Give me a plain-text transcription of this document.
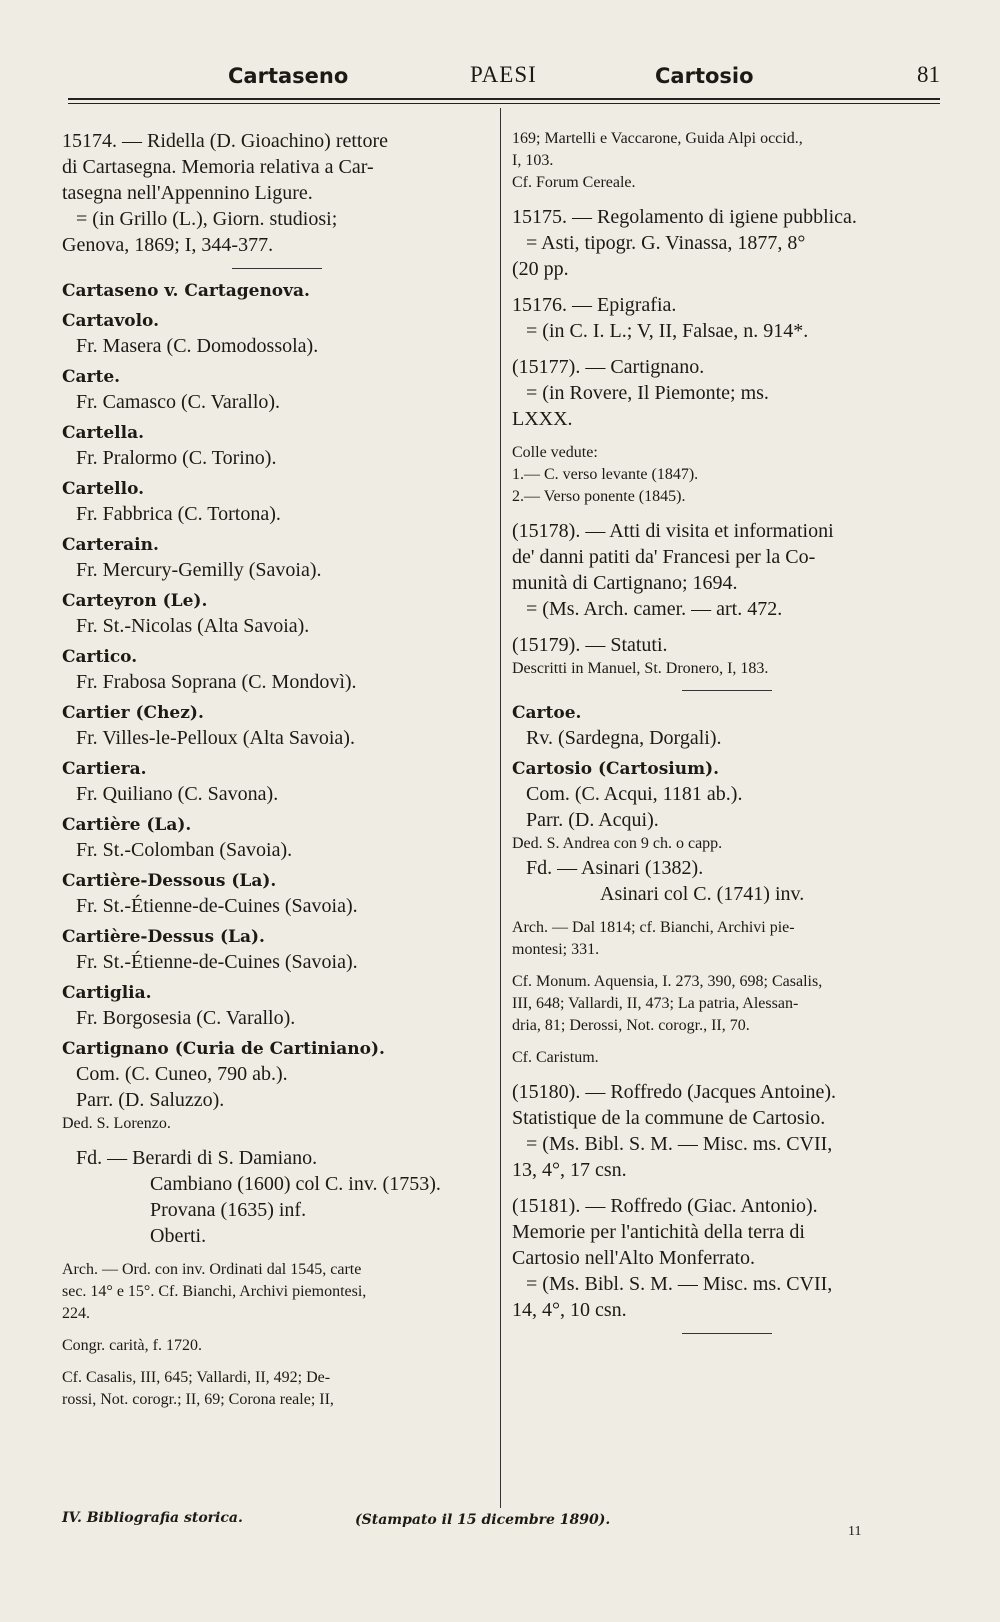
Cartaseno	PAESI	Cartosio	81
15174. — Ridella (D. Gioachino) rettore
di Cartasegna. Memoria relativa a Car-
tasegna nell'Appennino Ligure.
= (in Grillo (L.), Giorn. studiosi;
Genova, 1869; I, 344-377.
Cartaseno v. Cartagenova.
Cartavolo.
Fr. Masera (C. Domodossola).
Carte.
Fr. Camasco (C. Varallo).
Cartella.
Fr. Pralormo (C. Torino).
Cartello.
Fr. Fabbrica (C. Tortona).
Carterain.
Fr. Mercury-Gemilly (Savoia).
Carteyron (Le).
Fr. St.-Nicolas (Alta Savoia).
Cartico.
Fr. Frabosa Soprana (C. Mondovì).
Cartier (Chez).
Fr. Villes-le-Pelloux (Alta Savoia).
Cartiera.
Fr. Quiliano (C. Savona).
Cartière (La).
Fr. St.-Colomban (Savoia).
Cartière-Dessous (La).
Fr. St.-Étienne-de-Cuines (Savoia).
Cartière-Dessus (La).
Fr. St.-Étienne-de-Cuines (Savoia).
Cartiglia.
Fr. Borgosesia (C. Varallo).
Cartignano (Curia de Cartiniano).
Com. (C. Cuneo, 790 ab.).
Parr. (D. Saluzzo).
Ded. S. Lorenzo.
Fd. — Berardi di S. Damiano.
Cambiano (1600) col C. inv. (1753).
Provana (1635) inf.
Oberti.
Arch. — Ord. con inv. Ordinati dal 1545, carte
sec. 14° e 15°. Cf. Bianchi, Archivi piemontesi,
224.
Congr. carità, f. 1720.
Cf. Casalis, III, 645; Vallardi, II, 492; De-
rossi, Not. corogr.; II, 69; Corona reale; II,
169; Martelli e Vaccarone, Guida Alpi occid.,
I, 103.
Cf. Forum Cereale.
15175. — Regolamento di igiene pubblica.
= Asti, tipogr. G. Vinassa, 1877, 8°
(20 pp.
15176. — Epigrafia.
= (in C. I. L.; V, II, Falsae, n. 914*.
(15177). — Cartignano.
= (in Rovere, Il Piemonte; ms.
LXXX.
Colle vedute:
1.— C. verso levante (1847).
2.— Verso ponente (1845).
(15178). — Atti di visita et informationi
de' danni patiti da' Francesi per la Co-
munità di Cartignano; 1694.
= (Ms. Arch. camer. — art. 472.
(15179). — Statuti.
Descritti in Manuel, St. Dronero, I, 183.
Cartoe.
Rv. (Sardegna, Dorgali).
Cartosio (Cartosium).
Com. (C. Acqui, 1181 ab.).
Parr. (D. Acqui).
Ded. S. Andrea con 9 ch. o capp.
Fd. — Asinari (1382).
Asinari col C. (1741) inv.
Arch. — Dal 1814; cf. Bianchi, Archivi pie-
montesi; 331.
Cf. Monum. Aquensia, I. 273, 390, 698; Casalis,
III, 648; Vallardi, II, 473; La patria, Alessan-
dria, 81; Derossi, Not. corogr., II, 70.
Cf. Caristum.
(15180). — Roffredo (Jacques Antoine).
Statistique de la commune de Cartosio.
= (Ms. Bibl. S. M. — Misc. ms. CVII,
13, 4°, 17 csn.
(15181). — Roffredo (Giac. Antonio).
Memorie per l'antichità della terra di
Cartosio nell'Alto Monferrato.
= (Ms. Bibl. S. M. — Misc. ms. CVII,
14, 4°, 10 csn.
IV. Bibliografia storica.	(Stampato il 15 dicembre 1890).
11
